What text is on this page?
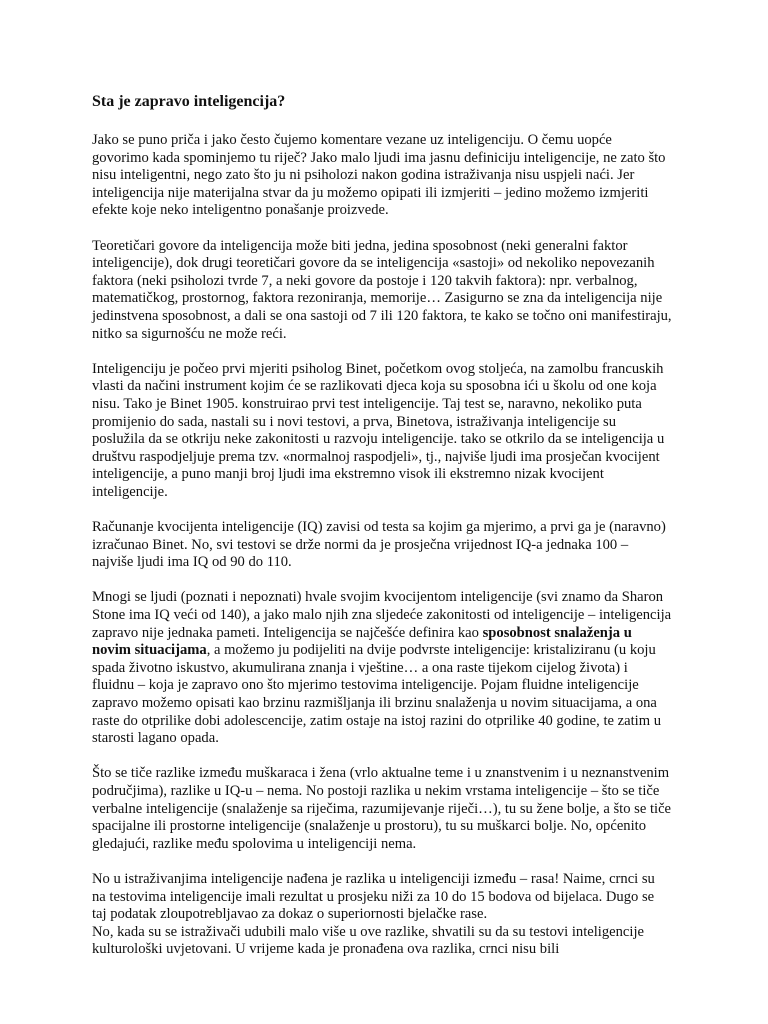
Sta je zapravo inteligencija?

Jako se puno priča i jako često čujemo komentare vezane uz inteligenciju. O čemu uopće govorimo kada spominjemo tu riječ? Jako malo ljudi ima jasnu definiciju inteligencije, ne zato što nisu inteligentni, nego zato što ju ni psiholozi nakon godina istraživanja nisu uspjeli naći. Jer inteligencija nije materijalna stvar da ju možemo opipati ili izmjeriti – jedino možemo izmjeriti efekte koje neko inteligentno ponašanje proizvede.

Teoretičari govore da inteligencija može biti jedna, jedina sposobnost (neki generalni faktor inteligencije), dok drugi teoretičari govore da se inteligencija «sastoji» od nekoliko nepovezanih faktora (neki psiholozi tvrde 7, a neki govore da postoje i 120 takvih faktora): npr. verbalnog, matematičkog, prostornog, faktora rezoniranja, memorije… Zasigurno se zna da inteligencija nije jedinstvena sposobnost, a dali se ona sastoji od 7 ili 120 faktora, te kako se točno oni manifestiraju, nitko sa sigurnošću ne može reći.

Inteligenciju je počeo prvi mjeriti psiholog Binet, početkom ovog stoljeća, na zamolbu francuskih vlasti da načini instrument kojim će se razlikovati djeca koja su sposobna ići u školu od one koja nisu. Tako je Binet 1905. konstruirao prvi test inteligencije. Taj test se, naravno, nekoliko puta promijenio do sada, nastali su i novi testovi, a prva, Binetova, istraživanja inteligencije su poslužila da se otkriju neke zakonitosti u razvoju inteligencije. tako se otkrilo da se inteligencija u društvu raspodjeljuje prema tzv. «normalnoj raspodjeli», tj., najviše ljudi ima prosječan kvocijent inteligencije, a puno manji broj ljudi ima ekstremno visok ili ekstremno nizak kvocijent inteligencije.

Računanje kvocijenta inteligencije (IQ) zavisi od testa sa kojim ga mjerimo, a prvi ga je (naravno) izračunao Binet. No, svi testovi se drže normi da je prosječna vrijednost IQ-a jednaka 100 – najviše ljudi ima IQ od 90 do 110.

Mnogi se ljudi (poznati i nepoznati) hvale svojim kvocijentom inteligencije (svi znamo da Sharon Stone ima IQ veći od 140), a jako malo njih zna sljedeće zakonitosti od inteligencije – inteligencija zapravo nije jednaka pameti. Inteligencija se najčešće definira kao sposobnost snalaženja u novim situacijama, a možemo ju podijeliti na dvije podvrste inteligencije: kristaliziranu (u koju spada životno iskustvo, akumulirana znanja i vještine… a ona raste tijekom cijelog života) i fluidnu – koja je zapravo ono što mjerimo testovima inteligencije. Pojam fluidne inteligencije zapravo možemo opisati kao brzinu razmišljanja ili brzinu snalaženja u novim situacijama, a ona raste do otprilike dobi adolescencije, zatim ostaje na istoj razini do otprilike 40 godine, te zatim u starosti lagano opada.

Što se tiče razlike između muškaraca i žena (vrlo aktualne teme i u znanstvenim i u neznanstvenim područjima), razlike u IQ-u – nema. No postoji razlika u nekim vrstama inteligencije – što se tiče verbalne inteligencije (snalaženje sa riječima, razumijevanje riječi…), tu su žene bolje, a što se tiče spacijalne ili prostorne inteligencije (snalaženje u prostoru), tu su muškarci bolje. No, općenito gledajući, razlike među spolovima u inteligenciji nema.

No u istraživanjima inteligencije nađena je razlika u inteligenciji između – rasa! Naime, crnci su na testovima inteligencije imali rezultat u prosjeku niži za 10 do 15 bodova od bijelaca. Dugo se taj podatak zloupotrebljavao za dokaz o superiornosti bjelačke rase.

No, kada su se istraživači udubili malo više u ove razlike, shvatili su da su testovi inteligencije kulturološki uvjetovani. U vrijeme kada je pronađena ova razlika, crnci nisu bili
